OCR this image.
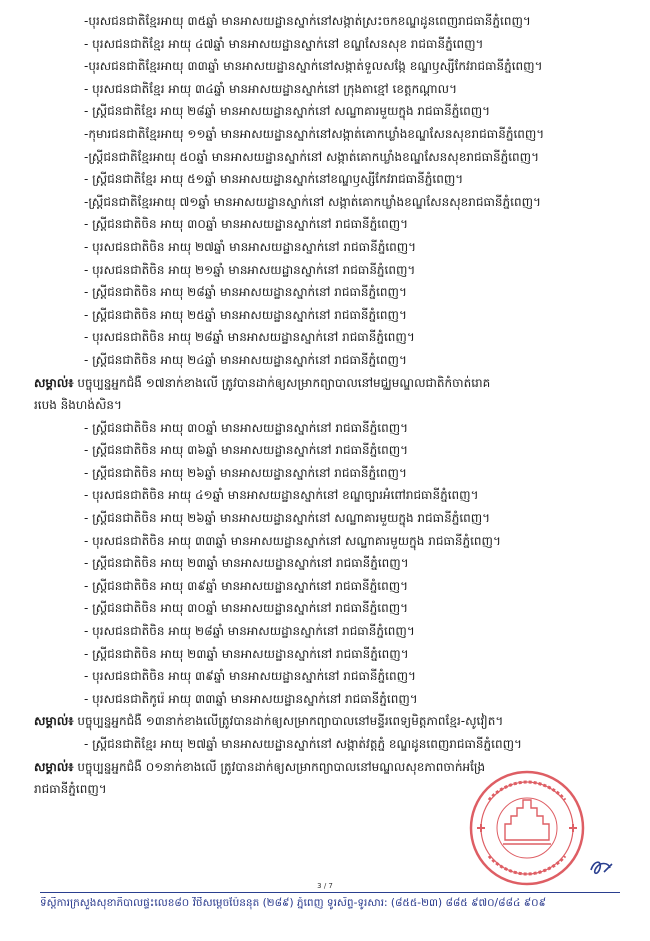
-បុរសជនជាតិខ្មែរអាយុ ៣៥ឆ្នាំ មានអាសយដ្ឋានស្នាក់នៅសង្កាត់ស្រះចកខណ្ឌដូនពេញរាជធានីភ្នំពេញ។
- បុរសជនជាតិខ្មែរ អាយុ ៤៧ឆ្នាំ មានអាសយដ្ឋានស្នាក់នៅ ខណ្ឌសែនសុខ រាជធានីភ្នំពេញ។
-បុរសជនជាតិខ្មែរអាយុ ៣៣ឆ្នាំ មានអាសយដ្ឋានស្នាក់នៅសង្កាត់ទួលសង្កែ ខណ្ឌឫស្សីកែវរាជធានីភ្នំពេញ។
- បុរសជនជាតិខ្មែរ អាយុ ៣៤ឆ្នាំ មានអាសយដ្ឋានស្នាក់នៅ ក្រុងតាខ្មៅ ខេត្តកណ្ដាល។
- ស្ត្រីជនជាតិខ្មែរ អាយុ ២៨ឆ្នាំ មានអាសយដ្ឋានស្នាក់នៅ សណ្ឋាគារមួយក្នុង រាជធានីភ្នំពេញ។
-កុមារជនជាតិខ្មែរអាយុ ១១ឆ្នាំ មានអាសយដ្ឋានស្នាក់នៅសង្កាត់គោកឃ្លាំងខណ្ឌសែនសុខរាជធានីភ្នំពេញ។
-ស្ត្រីជនជាតិខ្មែរអាយុ ៥០ឆ្នាំ មានអាសយដ្ឋានស្នាក់នៅ សង្កាត់គោកឃ្លាំងខណ្ឌសែនសុខរាជធានីភ្នំពេញ។
- ស្ត្រីជនជាតិខ្មែរ អាយុ ៥១ឆ្នាំ មានអាសយដ្ឋានស្នាក់នៅខណ្ឌឫស្សីកែវរាជធានីភ្នំពេញ។
-ស្ត្រីជនជាតិខ្មែរអាយុ ៧១ឆ្នាំ មានអាសយដ្ឋានស្នាក់នៅ សង្កាត់គោកឃ្លាំងខណ្ឌសែនសុខរាជធានីភ្នំពេញ។
- ស្ត្រីជនជាតិចិន អាយុ ៣០ឆ្នាំ មានអាសយដ្ឋានស្នាក់នៅ រាជធានីភ្នំពេញ។
- បុរសជនជាតិចិន អាយុ ២៧ឆ្នាំ មានអាសយដ្ឋានស្នាក់នៅ រាជធានីភ្នំពេញ។
- បុរសជនជាតិចិន អាយុ ២១ឆ្នាំ មានអាសយដ្ឋានស្នាក់នៅ រាជធានីភ្នំពេញ។
- ស្ត្រីជនជាតិចិន អាយុ ២៨ឆ្នាំ មានអាសយដ្ឋានស្នាក់នៅ រាជធានីភ្នំពេញ។
- ស្ត្រីជនជាតិចិន អាយុ ២៥ឆ្នាំ មានអាសយដ្ឋានស្នាក់នៅ រាជធានីភ្នំពេញ។
- បុរសជនជាតិចិន អាយុ ២៨ឆ្នាំ មានអាសយដ្ឋានស្នាក់នៅ រាជធានីភ្នំពេញ។
- ស្ត្រីជនជាតិចិន អាយុ ២៤ឆ្នាំ មានអាសយដ្ឋានស្នាក់នៅ រាជធានីភ្នំពេញ។
សម្គាល់៖ បច្ចុប្បន្នអ្នកជំងឺ ១៧នាក់ខាងលើ ត្រូវបានដាក់ឲ្យសម្រាកព្យាបាលនៅមជ្ឈមណ្ឌលជាតិកំចាត់រោគ
របេង និងហង់សិន។
- ស្ត្រីជនជាតិចិន អាយុ ៣០ឆ្នាំ មានអាសយដ្ឋានស្នាក់នៅ រាជធានីភ្នំពេញ។
- ស្ត្រីជនជាតិចិន អាយុ ៣៦ឆ្នាំ មានអាសយដ្ឋានស្នាក់នៅ រាជធានីភ្នំពេញ។
- ស្ត្រីជនជាតិចិន អាយុ ២៦ឆ្នាំ មានអាសយដ្ឋានស្នាក់នៅ រាជធានីភ្នំពេញ។
- បុរសជនជាតិចិន អាយុ ៤១ឆ្នាំ មានអាសយដ្ឋានស្នាក់នៅ ខណ្ឌច្បារអំពៅរាជធានីភ្នំពេញ។
- ស្ត្រីជនជាតិចិន អាយុ ២៦ឆ្នាំ មានអាសយដ្ឋានស្នាក់នៅ សណ្ឋាគារមួយក្នុង រាជធានីភ្នំពេញ។
- បុរសជនជាតិចិន អាយុ ៣៣ឆ្នាំ មានអាសយដ្ឋានស្នាក់នៅ សណ្ឋាគារមួយក្នុង រាជធានីភ្នំពេញ។
- ស្ត្រីជនជាតិចិន អាយុ ២៣ឆ្នាំ មានអាសយដ្ឋានស្នាក់នៅ រាជធានីភ្នំពេញ។
- ស្ត្រីជនជាតិចិន អាយុ ៣៩ឆ្នាំ មានអាសយដ្ឋានស្នាក់នៅ រាជធានីភ្នំពេញ។
- ស្ត្រីជនជាតិចិន អាយុ ៣០ឆ្នាំ មានអាសយដ្ឋានស្នាក់នៅ រាជធានីភ្នំពេញ។
- បុរសជនជាតិចិន អាយុ ២៨ឆ្នាំ មានអាសយដ្ឋានស្នាក់នៅ រាជធានីភ្នំពេញ។
- ស្ត្រីជនជាតិចិន អាយុ ២៣ឆ្នាំ មានអាសយដ្ឋានស្នាក់នៅ រាជធានីភ្នំពេញ។
- បុរសជនជាតិចិន អាយុ ៣៩ឆ្នាំ មានអាសយដ្ឋានស្នាក់នៅ រាជធានីភ្នំពេញ។
- បុរសជនជាតិកូរ៉េ អាយុ ៣៣ឆ្នាំ មានអាសយដ្ឋានស្នាក់នៅ រាជធានីភ្នំពេញ។
សម្គាល់៖ បច្ចុប្បន្នអ្នកជំងឺ ១៣នាក់ខាងលើត្រូវបានដាក់ឲ្យសម្រាកព្យាបាលនៅមន្ទីរពេទ្យមិត្តភាពខ្មែរ-សូវៀត។
- ស្ត្រីជនជាតិខ្មែរ អាយុ ២៧ឆ្នាំ មានអាសយដ្ឋានស្នាក់នៅ សង្កាត់វត្តភ្នំ ខណ្ឌដូនពេញរាជធានីភ្នំពេញ។
សម្គាល់៖ បច្ចុប្បន្នអ្នកជំងឺ ០១នាក់ខាងលើ ត្រូវបានដាក់ឲ្យសម្រាកព្យាបាលនៅមណ្ឌលសុខភាពចាក់អង្រែ
រាជធានីភ្នំពេញ។
3 / 7
ទីស្តីការក្រសួងសុខាភិបាលផ្ទះលេខ៨០ វិថីសម្ដេចប៉ែននុត (២៨៩) ភ្នំពេញ ទូរស័ព្ទ-ទូរសារ: (៨៥៥-២៣) ៨៨៥ ៩៧០/៨៨៤ ៩០៩
